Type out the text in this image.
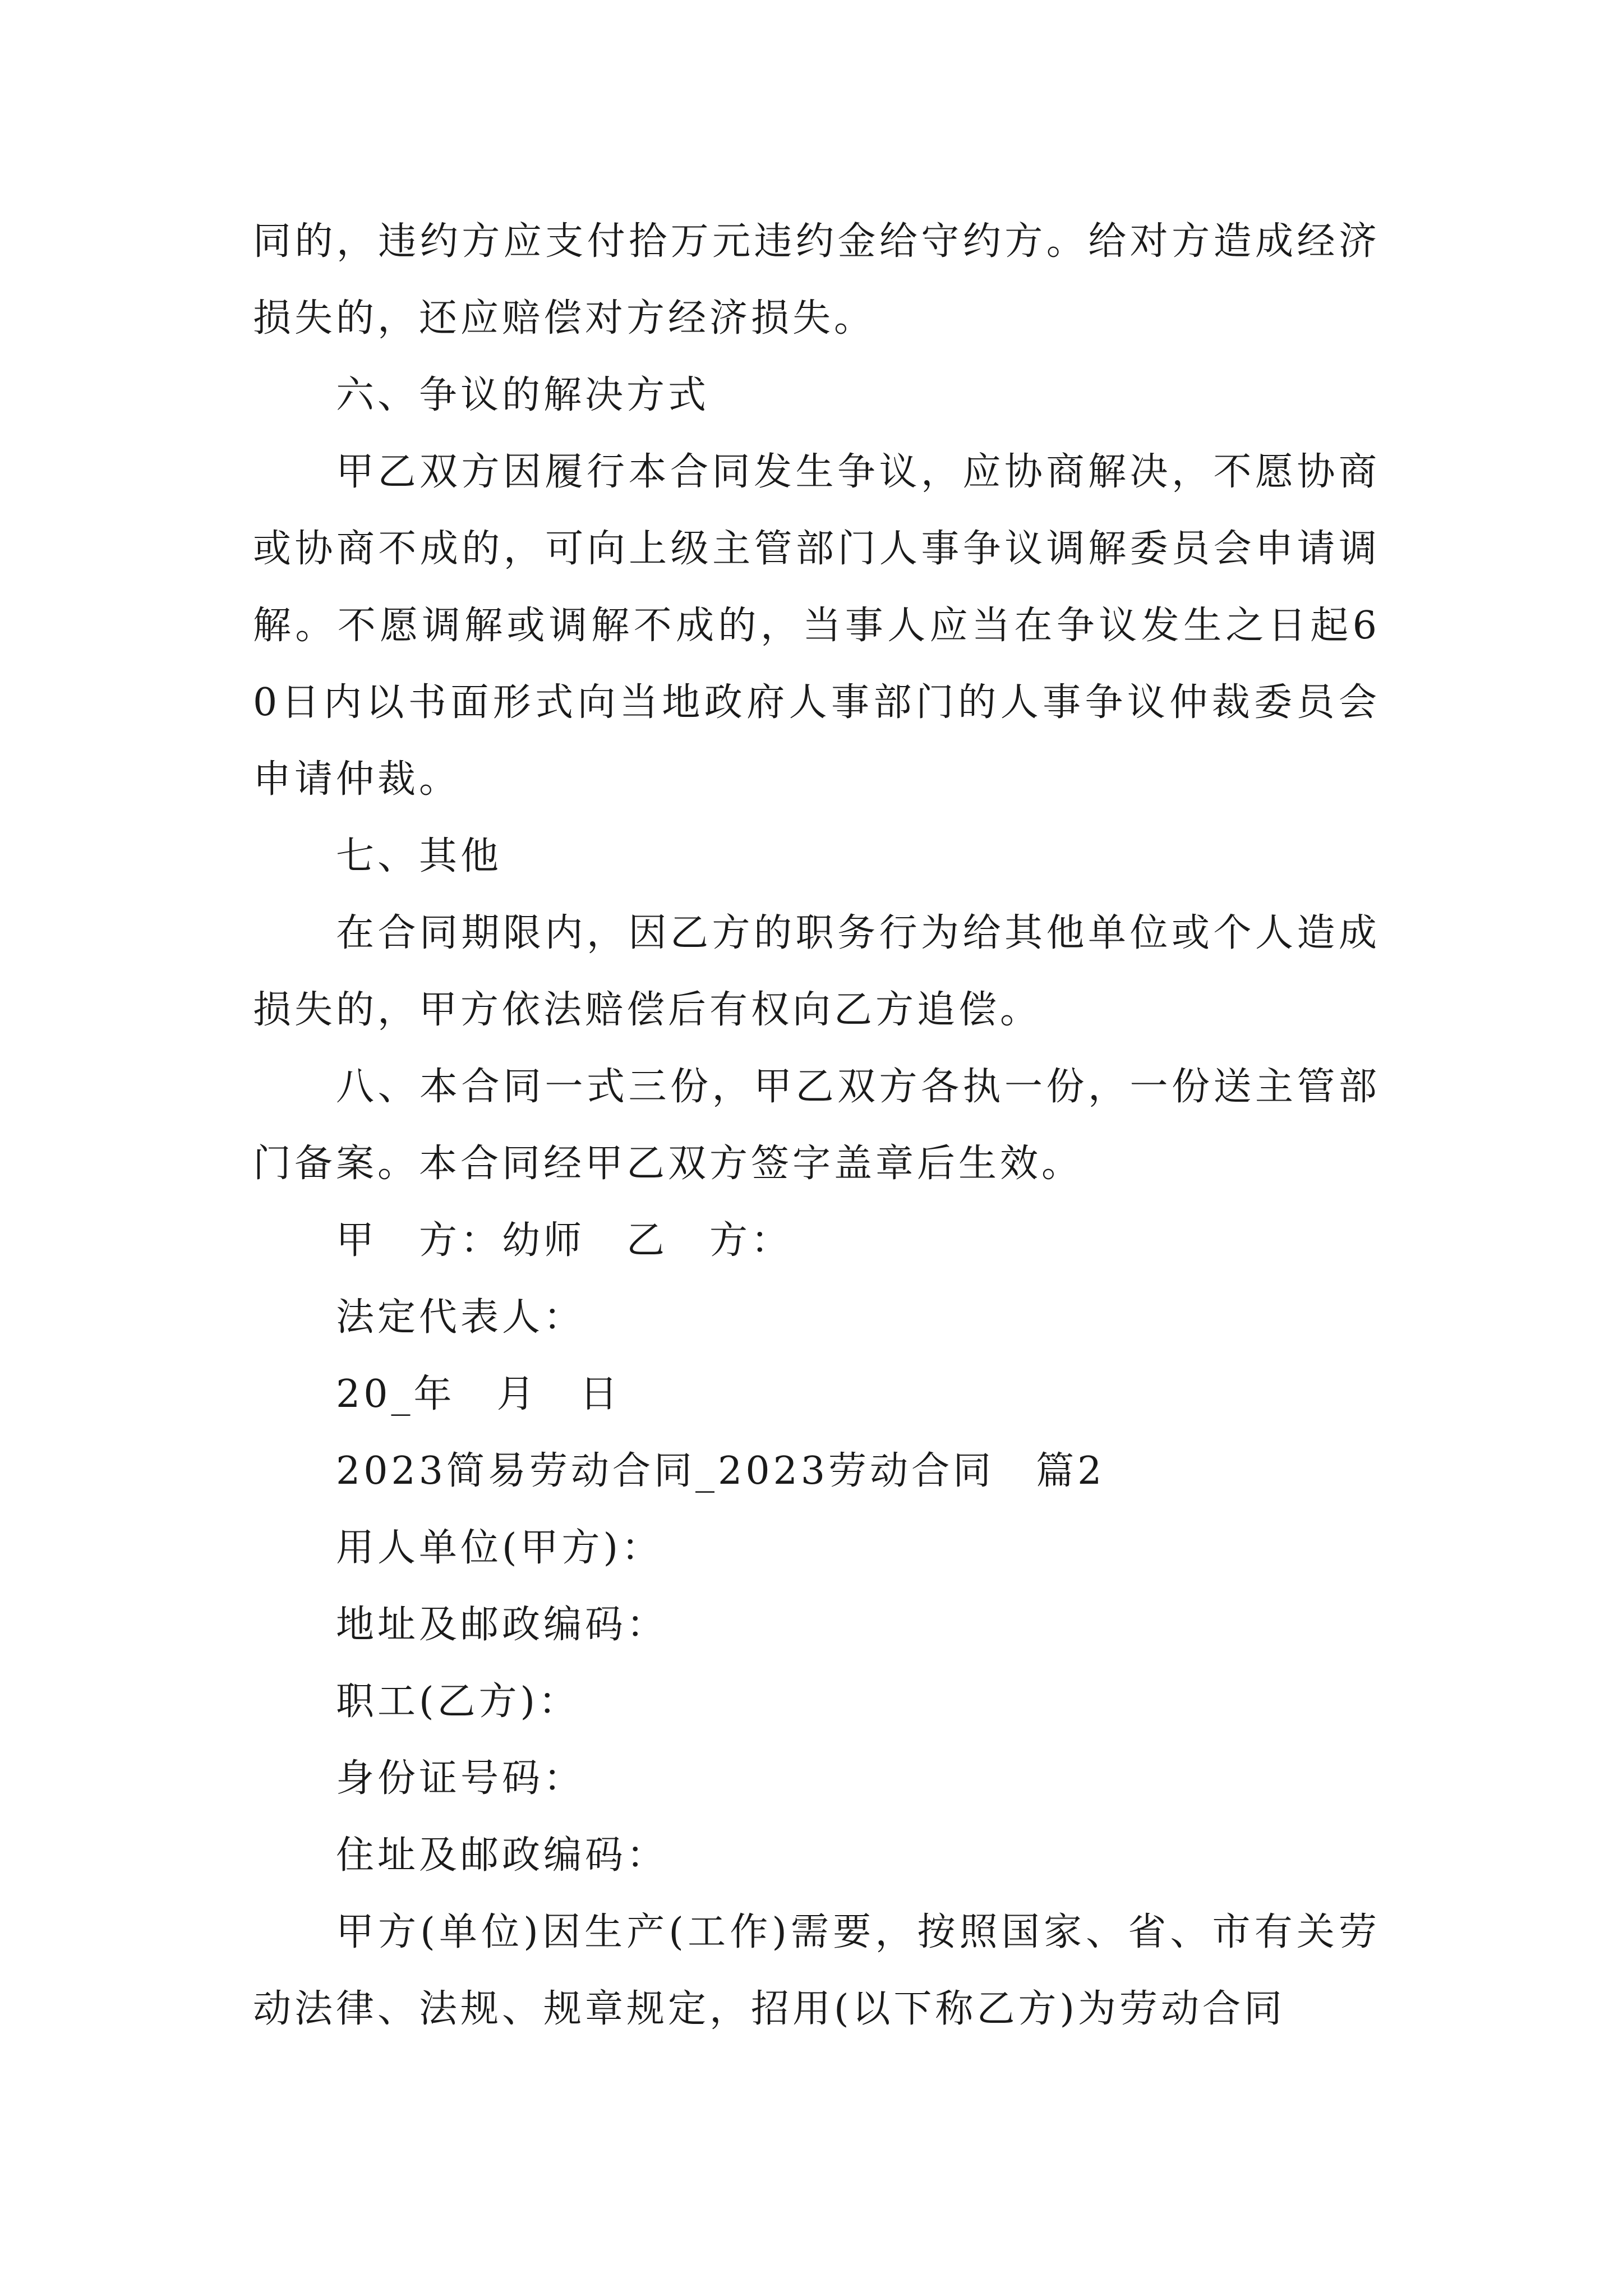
同的，违约方应支付拾万元违约金给守约方。给对方造成经济损失的，还应赔偿对方经济损失。

六、争议的解决方式

甲乙双方因履行本合同发生争议，应协商解决，不愿协商或协商不成的，可向上级主管部门人事争议调解委员会申请调解。不愿调解或调解不成的，当事人应当在争议发生之日起60日内以书面形式向当地政府人事部门的人事争议仲裁委员会申请仲裁。

七、其他

在合同期限内，因乙方的职务行为给其他单位或个人造成损失的，甲方依法赔偿后有权向乙方追偿。

八、本合同一式三份，甲乙双方各执一份，一份送主管部门备案。本合同经甲乙双方签字盖章后生效。

甲　方：幼师　乙　方：

法定代表人：

20_年　月　日

2023简易劳动合同_2023劳动合同　篇2

用人单位(甲方)：

地址及邮政编码：

职工(乙方)：

身份证号码：

住址及邮政编码：

甲方(单位)因生产(工作)需要，按照国家、省、市有关劳动法律、法规、规章规定，招用(以下称乙方)为劳动合同
